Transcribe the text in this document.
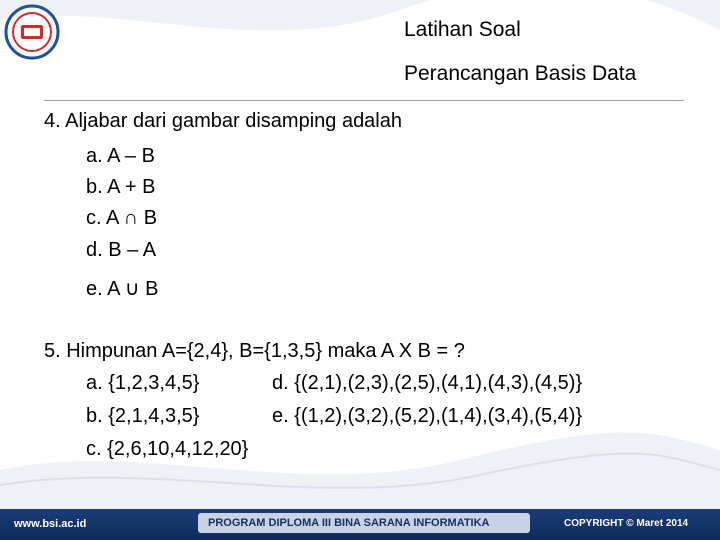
Latihan Soal
Perancangan Basis Data
4. Aljabar dari gambar disamping adalah
a. A – B
b. A + B
c. A ∩ B
d. B – A
e. A ∪ B
5. Himpunan A={2,4}, B={1,3,5} maka A X B = ?
a. {1,2,3,4,5}	d. {(2,1),(2,3),(2,5),(4,1),(4,3),(4,5)}
b. {2,1,4,3,5}	e. {(1,2),(3,2),(5,2),(1,4),(3,4),(5,4)}
c. {2,6,10,4,12,20}
www.bsi.ac.id	PROGRAM DIPLOMA III BINA SARANA INFORMATIKA	COPYRIGHT © Maret 2014
